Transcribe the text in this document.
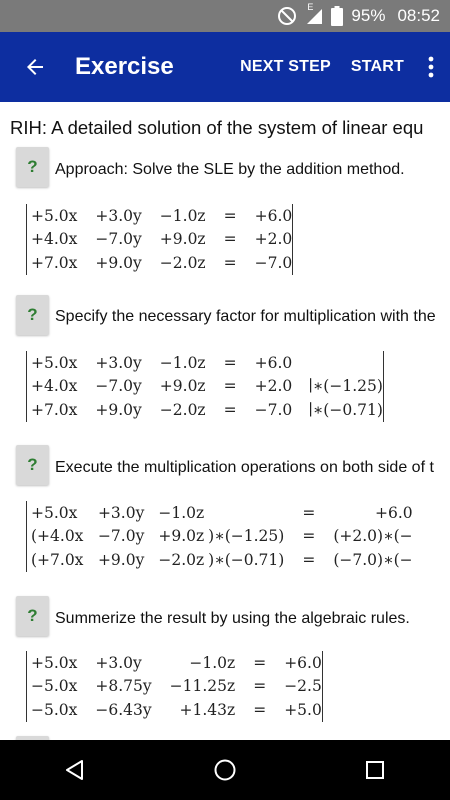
E 95% 08:52
Exercise	NEXT STEP START
RIH: A detailed solution of the system of linear equ
?	Approach: Solve the SLE by the addition method.
	+5.0x	+3.0y	−1.0z	=	+6.0	
+4.0x	−7.0y	+9.0z	=	+2.0	
+7.0x	+9.0y	−2.0z	=	−7.0	
?	Specify the necessary factor for multiplication with the
	+5.0x	+3.0y	−1.0z	=	+6.0		
+4.0x	−7.0y	+9.0z	=	+2.0	∣∗(−1.25)	
+7.0x	+9.0y	−2.0z	=	−7.0	∣∗(−0.71)	
?	Execute the multiplication operations on both side of t
	+5.0x	+3.0y	−1.0z		=	+6.0
(+4.0x	−7.0y	+9.0z	)∗(−1.25)	=	(+2.0)∗(−
(+7.0x	+9.0y	−2.0z	)∗(−0.71)	=	(−7.0)∗(−
?	Summerize the result by using the algebraic rules.
	+5.0x	+3.0y	−1.0z	=	+6.0	
−5.0x	+8.75y	−11.25z	=	−2.5	
−5.0x	−6.43y	+1.43z	=	+5.0	
